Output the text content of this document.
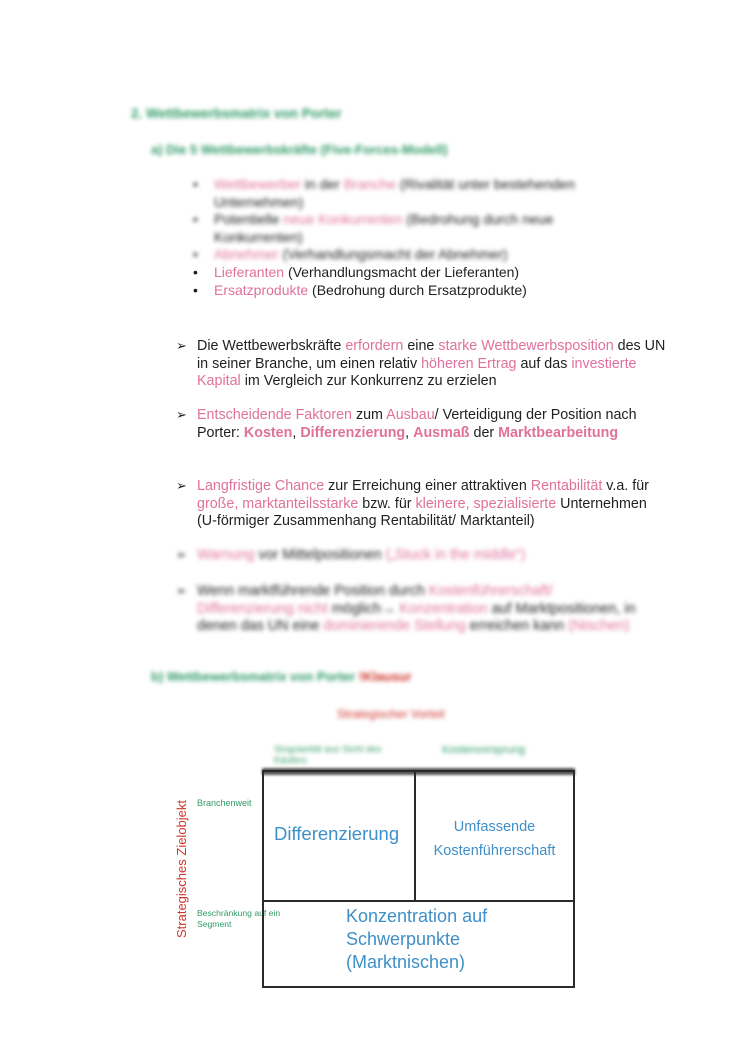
2. Wettbewerbsmatrix von Porter
a) Die 5 Wettbewerbskräfte (Five-Forces-Modell)
• Wettbewerber in der Branche (Rivalität unter bestehenden Unternehmen)
• Potentielle neue Konkurrenten (Bedrohung durch neue Konkurrenten)
• Abnehmer (Verhandlungsmacht der Abnehmer)
• Lieferanten (Verhandlungsmacht der Lieferanten)
• Ersatzprodukte (Bedrohung durch Ersatzprodukte)
➢ Die Wettbewerbskräfte erfordern eine starke Wettbewerbsposition des UN in seiner Branche, um einen relativ höheren Ertrag auf das investierte Kapital im Vergleich zur Konkurrenz zu erzielen
➢ Entscheidende Faktoren zum Ausbau/ Verteidigung der Position nach Porter: Kosten, Differenzierung, Ausmaß der Marktbearbeitung
➢ Langfristige Chance zur Erreichung einer attraktiven Rentabilität v.a. für große, marktanteilsstarke bzw. für kleinere, spezialisierte Unternehmen (U-förmiger Zusammenhang Rentabilität/ Marktanteil)
➢ Warnung vor Mittelpositionen („Stuck in the middle“)
➢ Wenn marktführende Position durch Kostenführerschaft/ Differenzierung nicht möglich→ Konzentration auf Marktpositionen, in denen das UN eine dominierende Stellung erreichen kann (Nischen)
b) Wettbewerbsmatrix von Porter !Klausur
Strategischer Vorteil
Singularität aus Sicht des Käufers
Kostenvorsprung
Strategisches Zielobjekt Branchenweit
Beschränkung auf ein Segment
Differenzierung	Umfassende
Kostenführerschaft
Konzentration auf
Schwerpunkte
(Marktnischen)
